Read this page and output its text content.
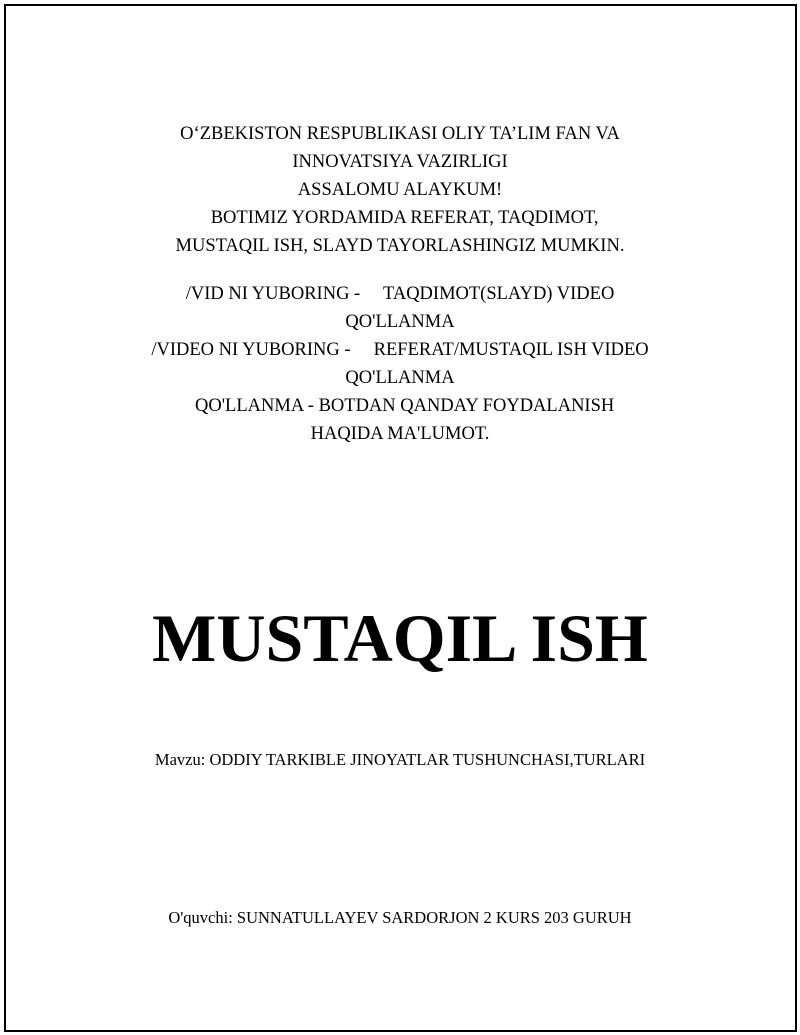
O‘ZBEKISTON RESPUBLIKASI OLIY TA’LIM FAN VA
INNOVATSIYA VAZIRLIGI
ASSALOMU ALAYKUM!
BOTIMIZ YORDAMIDA REFERAT, TAQDIMOT,
MUSTAQIL ISH, SLAYD TAYORLASHINGIZ MUMKIN.
/VID NI YUBORING -     TAQDIMOT(SLAYD) VIDEO
QO'LLANMA
/VIDEO NI YUBORING -     REFERAT/MUSTAQIL ISH VIDEO
QO'LLANMA
QO'LLANMA - BOTDAN QANDAY FOYDALANISH
HAQIDA MA'LUMOT.
MUSTAQIL ISH
Mavzu: ODDIY TARKIBLE JINOYATLAR TUSHUNCHASI,TURLARI
O'quvchi: SUNNATULLAYEV SARDORJON 2 KURS 203 GURUH
